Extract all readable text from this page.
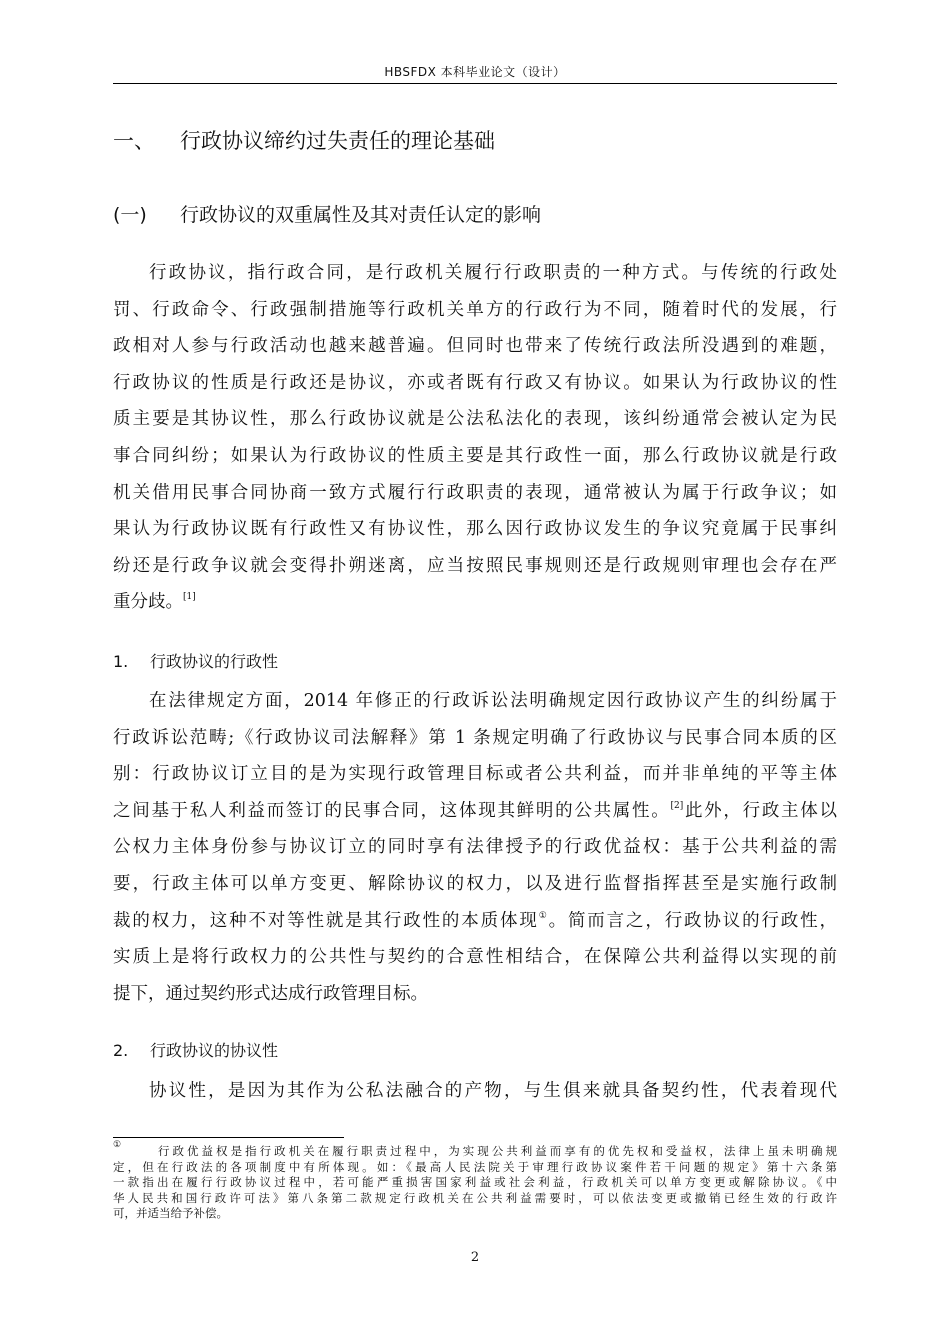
HBSFDX 本科毕业论文（设计）
一、 行政协议缔约过失责任的理论基础
(一) 行政协议的双重属性及其对责任认定的影响
行政协议，指行政合同，是行政机关履行行政职责的一种方式。与传统的行政处
罚、行政命令、行政强制措施等行政机关单方的行政行为不同，随着时代的发展，行
政相对人参与行政活动也越来越普遍。但同时也带来了传统行政法所没遇到的难题，
行政协议的性质是行政还是协议，亦或者既有行政又有协议。如果认为行政协议的性
质主要是其协议性，那么行政协议就是公法私法化的表现，该纠纷通常会被认定为民
事合同纠纷；如果认为行政协议的性质主要是其行政性一面，那么行政协议就是行政
机关借用民事合同协商一致方式履行行政职责的表现，通常被认为属于行政争议；如
果认为行政协议既有行政性又有协议性，那么因行政协议发生的争议究竟属于民事纠
纷还是行政争议就会变得扑朔迷离，应当按照民事规则还是行政规则审理也会存在严
重分歧。[1]
1. 行政协议的行政性
在法律规定方面，2014 年修正的行政诉讼法明确规定因行政协议产生的纠纷属于
行政诉讼范畴;《行政协议司法解释》第 1 条规定明确了行政协议与民事合同本质的区
别：行政协议订立目的是为实现行政管理目标或者公共利益，而并非单纯的平等主体
之间基于私人利益而签订的民事合同，这体现其鲜明的公共属性。[2]此外，行政主体以
公权力主体身份参与协议订立的同时享有法律授予的行政优益权：基于公共利益的需
要，行政主体可以单方变更、解除协议的权力，以及进行监督指挥甚至是实施行政制
裁的权力，这种不对等性就是其行政性的本质体现①。简而言之，行政协议的行政性，
实质上是将行政权力的公共性与契约的合意性相结合，在保障公共利益得以实现的前
提下，通过契约形式达成行政管理目标。
2. 行政协议的协议性
协议性，是因为其作为公私法融合的产物，与生俱来就具备契约性，代表着现代
①	行政优益权是指行政机关在履行职责过程中，为实现公共利益而享有的优先权和受益权，法律上虽未明确规
定，但在行政法的各项制度中有所体现。如：《最高人民法院关于审理行政协议案件若干问题的规定》第十六条第
一款指出在履行行政协议过程中，若可能严重损害国家利益或社会利益，行政机关可以单方变更或解除协议。《中
华人民共和国行政许可法》第八条第二款规定行政机关在公共利益需要时，可以依法变更或撤销已经生效的行政许
可，并适当给予补偿。
2
